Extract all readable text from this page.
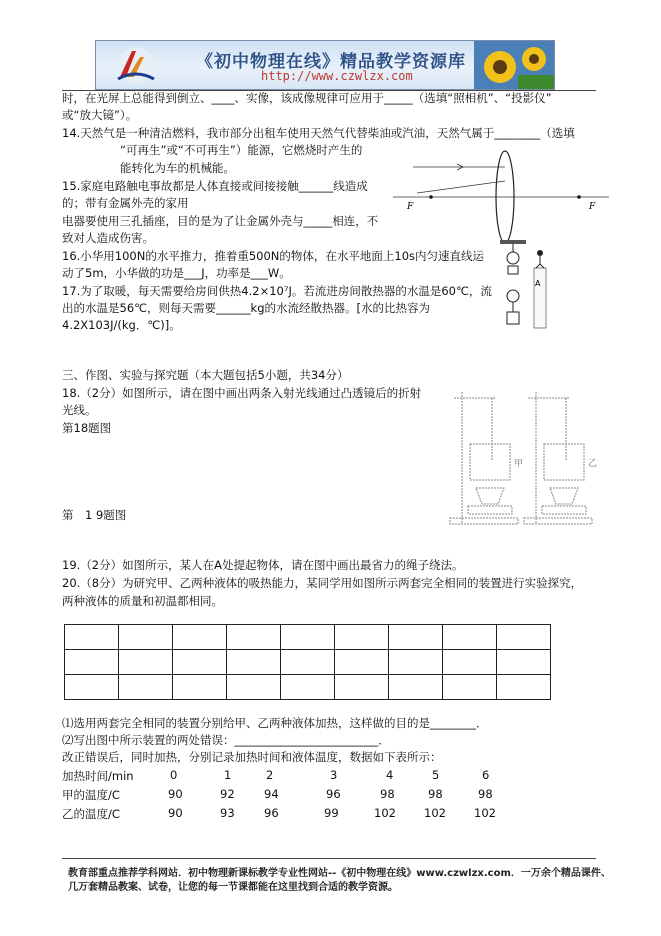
《初中物理在线》精品教学资源库
http://www.czwlzx.com
时，在光屏上总能得到倒立、____、实像，该成像规律可应用于_____（选填“照相机”、“投影仪”
或“放大镜”）。
14.天然气是一种清洁燃料，我市部分出租车使用天然气代替柴油或汽油，天然气属于________（选填
“可再生”或“不可再生”）能源，它燃烧时产生的
能转化为车的机械能。
15.家庭电路触电事故都是人体直接或间接接触______线造成
的；带有金属外壳的家用
电器要使用三孔插座，目的是为了让金属外壳与_____相连，不
致对人造成伤害。
16.小华用100N的水平推力，推着重500N的物体，在水平地面上10s内匀速直线运
动了5m，小华做的功是___J，功率是___W。
17.为了取暖，每天需要给房间供热4.2×10⁷J。若流进房间散热器的水温是60℃，流
出的水温是56℃，则每天需要______kg的水流经散热器。[水的比热容为
4.2X103J/(kg．℃)]。
F	F
A
三、作图、实验与探究题（本大题包括5小题，共34分）
18.（2分）如图所示，请在图中画出两条入射光线通过凸透镜后的折射
光线。
第18题图
甲	乙
第　1 9题图
19.（2分）如图所示，某人在A处提起物体，请在图中画出最省力的绳子绕法。
20.（8分）为研究甲、乙两种液体的吸热能力，某同学用如图所示两套完全相同的装置进行实验探究，
两种液体的质量和初温都相同。

⑴选用两套完全相同的装置分别给甲、乙两种液体加热，这样做的目的是________．
⑵写出图中所示装置的两处错误：_________________________．
改正错误后，同时加热，分别记录加热时间和液体温度，数据如下表所示：
加热时间/min	0	1	2	3	4	5	6
甲的温度/C	90	92	94	96	98	98	98
乙的温度/C	90	93	96	99	102 102 102
教育部重点推荐学科网站．初中物理新课标教学专业性网站--《初中物理在线》www.czwlzx.com．一万余个精品课件、
几万套精品教案、试卷，让您的每一节课都能在这里找到合适的教学资源。
